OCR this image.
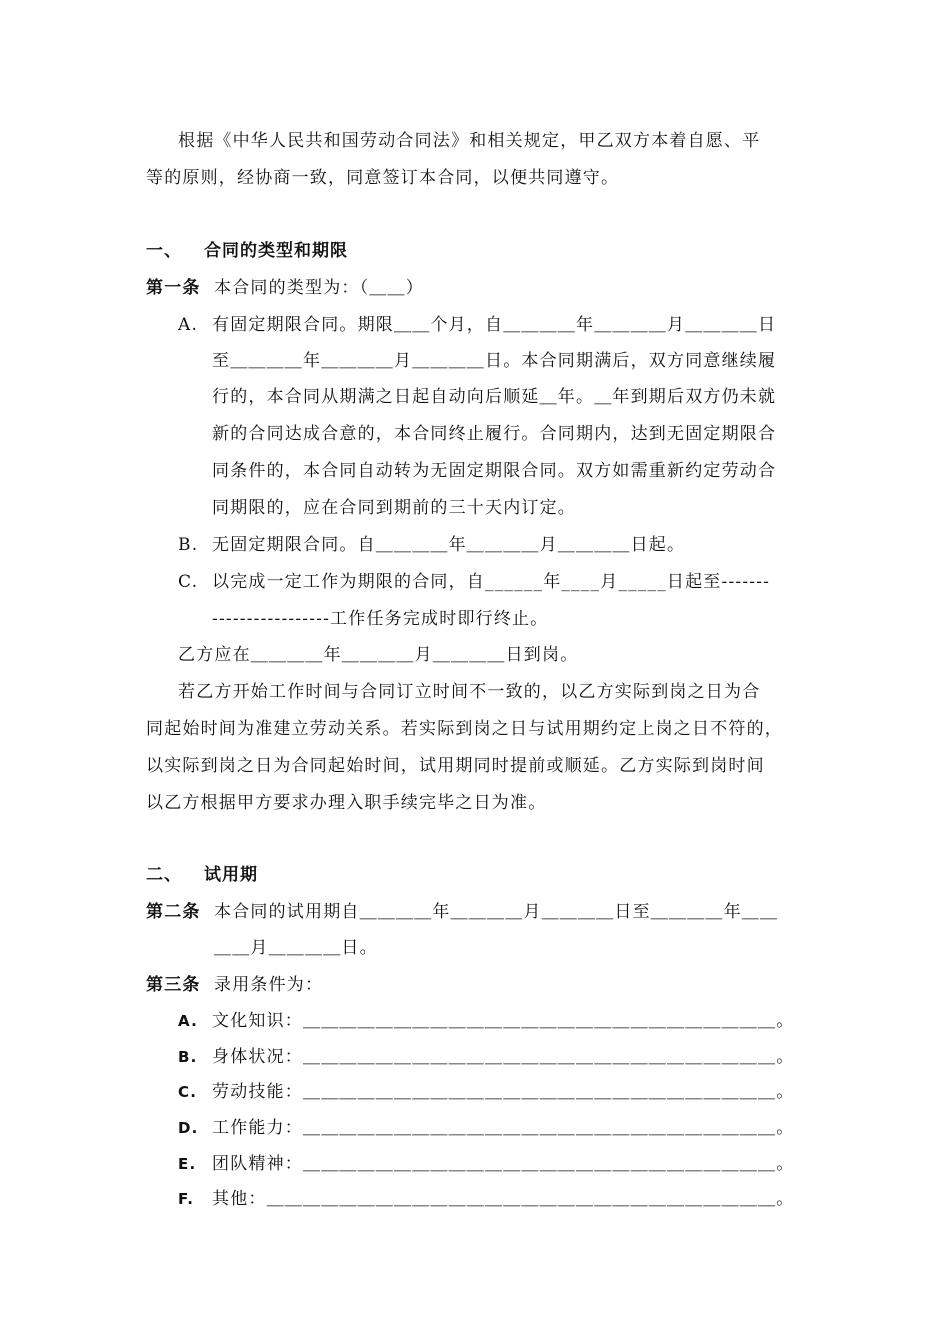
根据《中华人民共和国劳动合同法》和相关规定，甲乙双方本着自愿、平
等的原则，经协商一致，同意签订本合同，以便共同遵守。
一、 合同的类型和期限
第一条 本合同的类型为：（＿＿）
A. 有固定期限合同。期限＿＿个月，自＿＿＿＿年＿＿＿＿月＿＿＿＿日
至＿＿＿＿年＿＿＿＿月＿＿＿＿日。本合同期满后，双方同意继续履
行的，本合同从期满之日起自动向后顺延＿年。＿年到期后双方仍未就
新的合同达成合意的，本合同终止履行。合同期内，达到无固定期限合
同条件的，本合同自动转为无固定期限合同。双方如需重新约定劳动合
同期限的，应在合同到期前的三十天内订定。
B. 无固定期限合同。自＿＿＿＿年＿＿＿＿月＿＿＿＿日起。
C. 以完成一定工作为期限的合同，自______年____月_____日起至-------
-----------------工作任务完成时即行终止。
乙方应在＿＿＿＿年＿＿＿＿月＿＿＿＿日到岗。
若乙方开始工作时间与合同订立时间不一致的，以乙方实际到岗之日为合
同起始时间为准建立劳动关系。若实际到岗之日与试用期约定上岗之日不符的，
以实际到岗之日为合同起始时间，试用期同时提前或顺延。乙方实际到岗时间
以乙方根据甲方要求办理入职手续完毕之日为准。
二、 试用期
第二条 本合同的试用期自＿＿＿＿年＿＿＿＿月＿＿＿＿日至＿＿＿＿年＿＿
＿＿月＿＿＿＿日。
第三条 录用条件为：
A. 文化知识：＿＿＿＿＿＿＿＿＿＿＿＿＿＿＿＿＿＿＿＿＿＿＿＿＿＿。
B. 身体状况：＿＿＿＿＿＿＿＿＿＿＿＿＿＿＿＿＿＿＿＿＿＿＿＿＿＿。
C. 劳动技能：＿＿＿＿＿＿＿＿＿＿＿＿＿＿＿＿＿＿＿＿＿＿＿＿＿＿。
D. 工作能力：＿＿＿＿＿＿＿＿＿＿＿＿＿＿＿＿＿＿＿＿＿＿＿＿＿＿。
E. 团队精神：＿＿＿＿＿＿＿＿＿＿＿＿＿＿＿＿＿＿＿＿＿＿＿＿＿＿。
F. 其他：＿＿＿＿＿＿＿＿＿＿＿＿＿＿＿＿＿＿＿＿＿＿＿＿＿＿＿＿。
